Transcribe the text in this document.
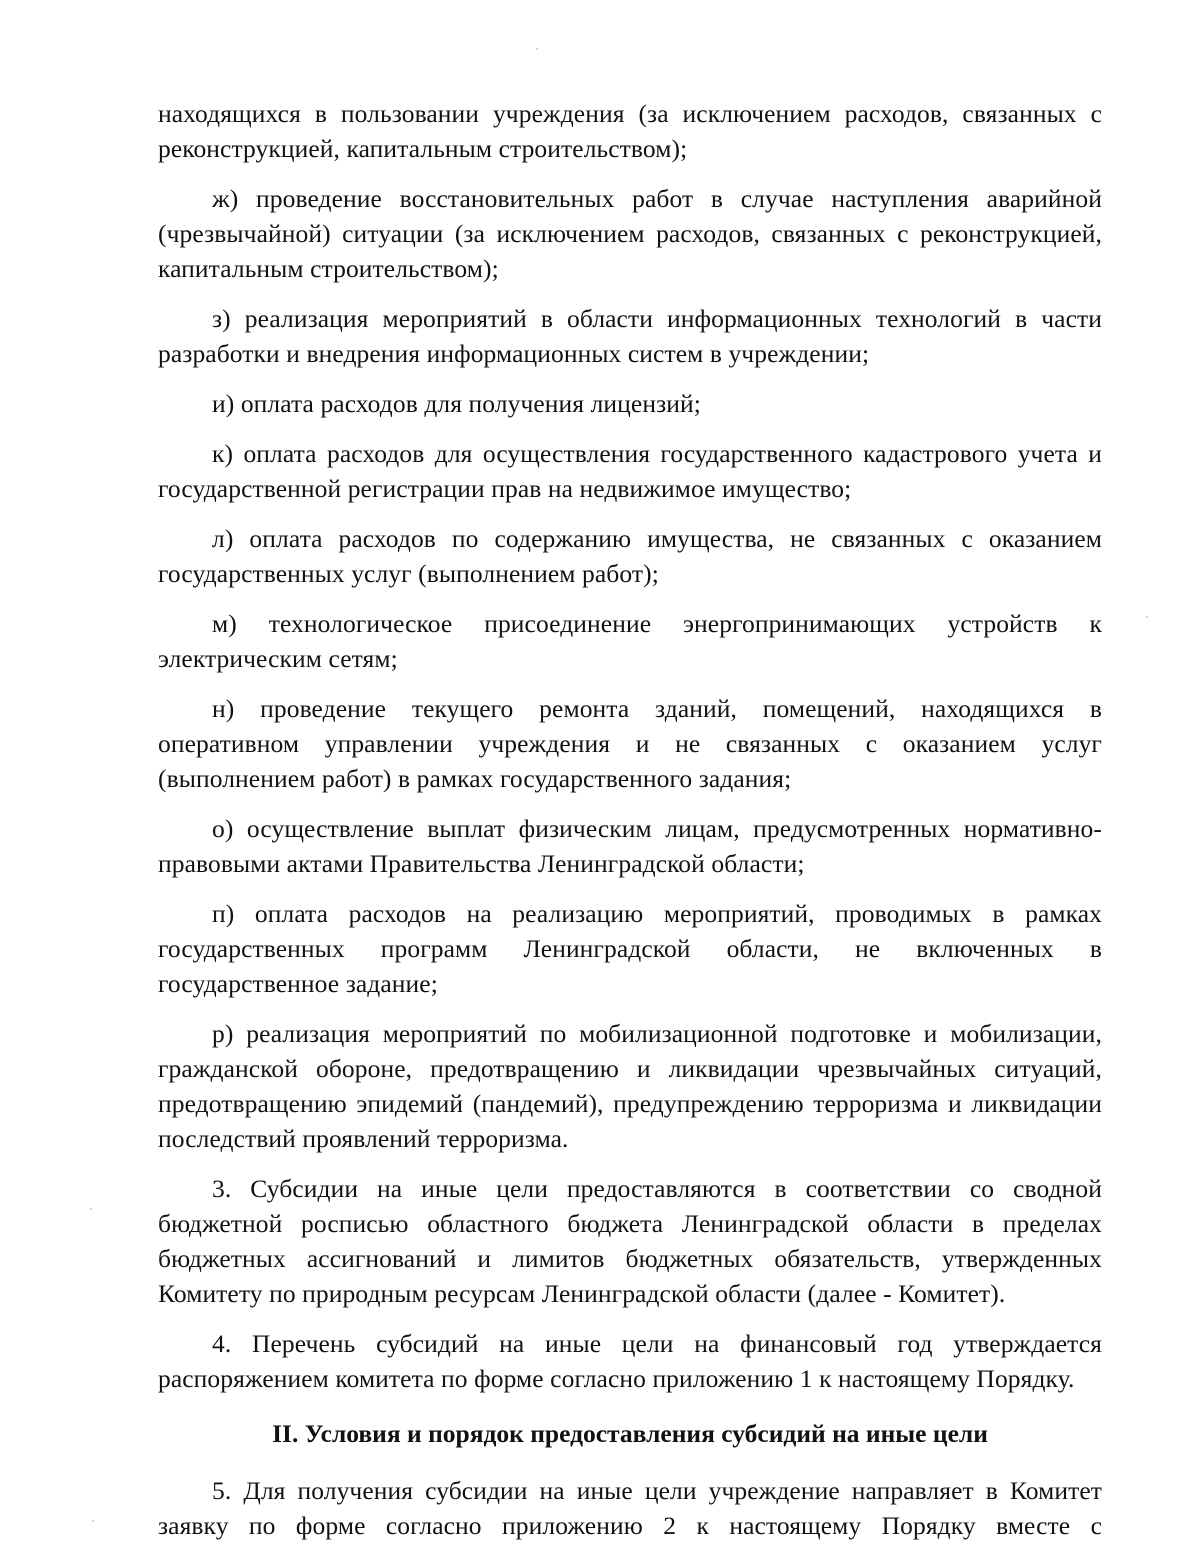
находящихся в пользовании учреждения (за исключением расходов, связанных с реконструкцией, капитальным строительством);

ж) проведение восстановительных работ в случае наступления аварийной (чрезвычайной) ситуации (за исключением расходов, связанных с реконструкцией, капитальным строительством);

з) реализация мероприятий в области информационных технологий в части разработки и внедрения информационных систем в учреждении;

и) оплата расходов для получения лицензий;

к) оплата расходов для осуществления государственного кадастрового учета и государственной регистрации прав на недвижимое имущество;

л) оплата расходов по содержанию имущества, не связанных с оказанием государственных услуг (выполнением работ);

м) технологическое присоединение энергопринимающих устройств к электрическим сетям;

н) проведение текущего ремонта зданий, помещений, находящихся в оперативном управлении учреждения и не связанных с оказанием услуг (выполнением работ) в рамках государственного задания;

о) осуществление выплат физическим лицам, предусмотренных нормативно-правовыми актами Правительства Ленинградской области;

п) оплата расходов на реализацию мероприятий, проводимых в рамках государственных программ Ленинградской области, не включенных в государственное задание;

р) реализация мероприятий по мобилизационной подготовке и мобилизации, гражданской обороне, предотвращению и ликвидации чрезвычайных ситуаций, предотвращению эпидемий (пандемий), предупреждению терроризма и ликвидации последствий проявлений терроризма.

3. Субсидии на иные цели предоставляются в соответствии со сводной бюджетной росписью областного бюджета Ленинградской области в пределах бюджетных ассигнований и лимитов бюджетных обязательств, утвержденных Комитету по природным ресурсам Ленинградской области (далее - Комитет).

4. Перечень субсидий на иные цели на финансовый год утверждается распоряжением комитета по форме согласно приложению 1 к настоящему Порядку.

II. Условия и порядок предоставления субсидий на иные цели

5. Для получения субсидии на иные цели учреждение направляет в Комитет заявку по форме согласно приложению 2 к настоящему Порядку вместе с
